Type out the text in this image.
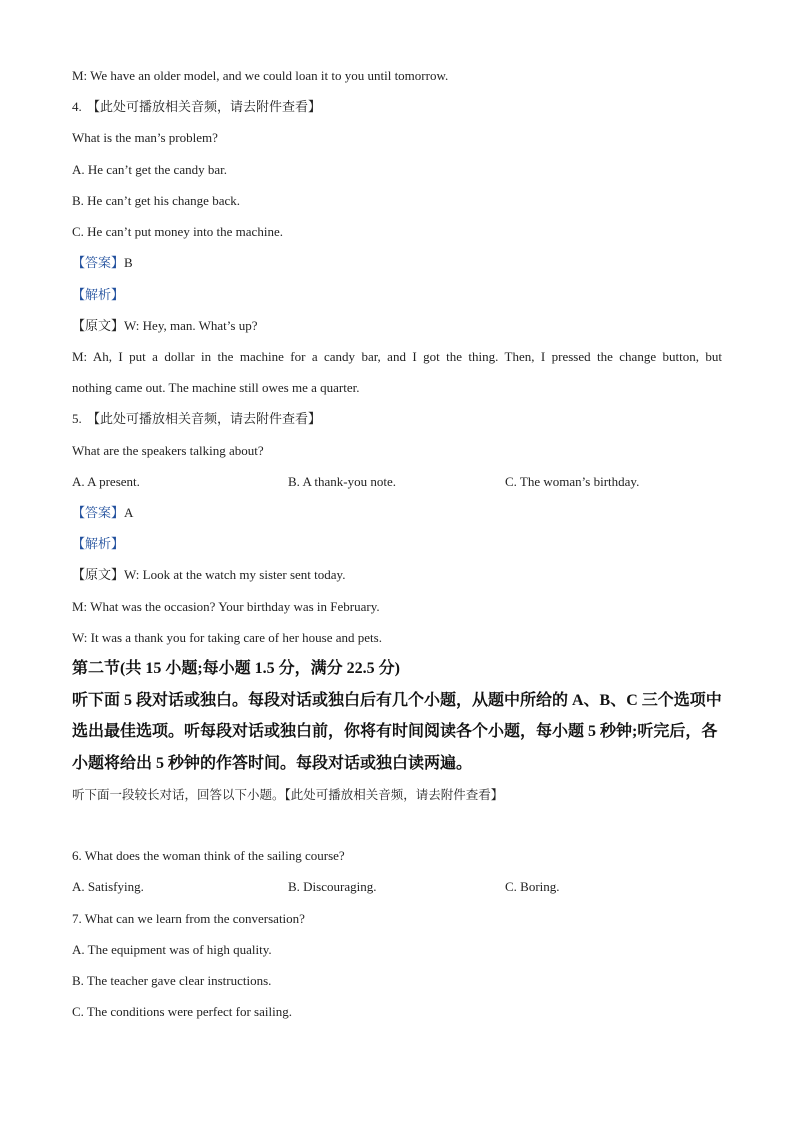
M: We have an older model, and we could loan it to you until tomorrow.
4. 【此处可播放相关音频，请去附件查看】
What is the man’s problem?
A. He can’t get the candy bar.
B. He can’t get his change back.
C. He can’t put money into the machine.
【答案】B
【解析】
【原文】W: Hey, man. What’s up?
M: Ah, I put a dollar in the machine for a candy bar, and I got the thing. Then, I pressed the change button, but
nothing came out. The machine still owes me a quarter.
5. 【此处可播放相关音频，请去附件查看】
What are the speakers talking about?
A. A present.	B. A thank-you note.	C. The woman’s birthday.
【答案】A
【解析】
【原文】W: Look at the watch my sister sent today.
M: What was the occasion? Your birthday was in February.
W: It was a thank you for taking care of her house and pets.
第二节(共 15 小题;每小题 1.5 分，满分 22.5 分)
听下面 5 段对话或独白。每段对话或独白后有几个小题，从题中所给的 A、B、C 三个选项中
选出最佳选项。听每段对话或独白前，你将有时间阅读各个小题，每小题 5 秒钟;听完后，各
小题将给出 5 秒钟的作答时间。每段对话或独白读两遍。
听下面一段较长对话，回答以下小题。【此处可播放相关音频，请去附件查看】
6. What does the woman think of the sailing course?
A. Satisfying.	B. Discouraging.	C. Boring.
7. What can we learn from the conversation?
A. The equipment was of high quality.
B. The teacher gave clear instructions.
C. The conditions were perfect for sailing.
